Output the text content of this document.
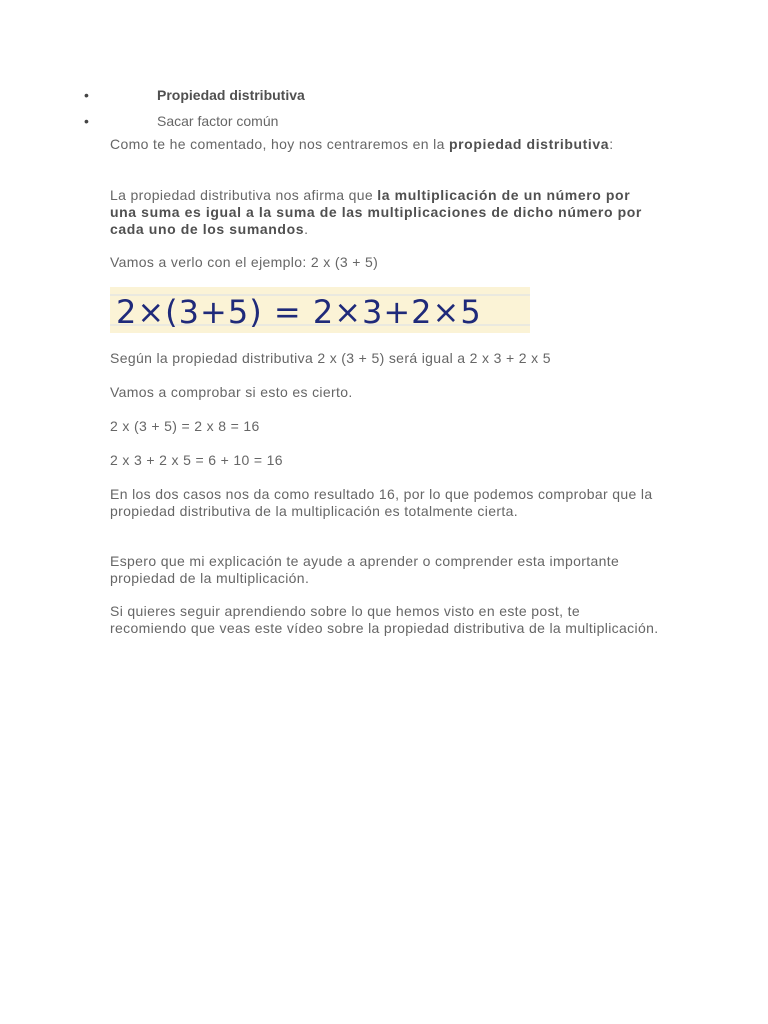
•	Propiedad distributiva
•	Sacar factor común

Como te he comentado, hoy nos centraremos en la propiedad distributiva:

La propiedad distributiva nos afirma que la multiplicación de un número por una suma es igual a la suma de las multiplicaciones de dicho número por cada uno de los sumandos.

Vamos a verlo con el ejemplo: 2 x (3 + 5)

2×(3+5) = 2×3+2×5

Según la propiedad distributiva 2 x (3 + 5) será igual a 2 x 3 + 2 x 5

Vamos a comprobar si esto es cierto.

2 x (3 + 5) = 2 x 8 = 16

2 x 3 + 2 x 5 = 6 + 10 = 16

En los dos casos nos da como resultado 16, por lo que podemos comprobar que la propiedad distributiva de la multiplicación es totalmente cierta.

Espero que mi explicación te ayude a aprender o comprender esta importante propiedad de la multiplicación.

Si quieres seguir aprendiendo sobre lo que hemos visto en este post, te recomiendo que veas este vídeo sobre la propiedad distributiva de la multiplicación.
